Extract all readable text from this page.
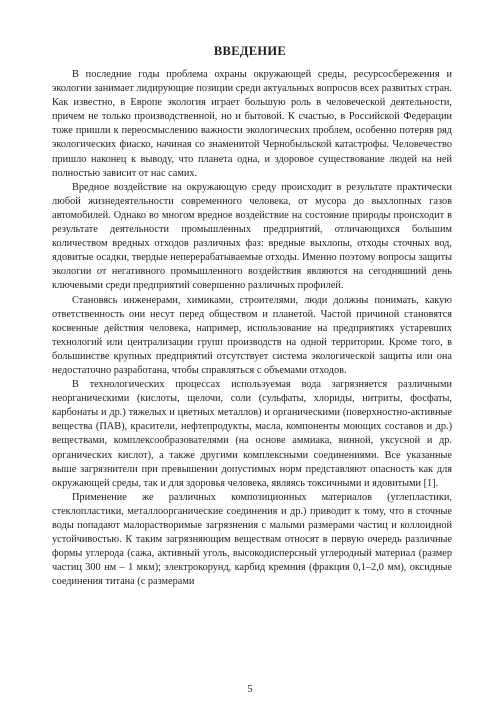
ВВЕДЕНИЕ

В последние годы проблема охраны окружающей среды, ресурсосбережения и экологии занимает лидирующие позиции среди актуальных вопросов всех развитых стран. Как известно, в Европе экология играет большую роль в человеческой деятельности, причем не только производственной, но и бытовой. К счастью, в Российской Федерации тоже пришли к переосмыслению важности экологических проблем, особенно потеряв ряд экологических фиаско, начиная со знаменитой Чернобыльской катастрофы. Человечество пришло наконец к выводу, что планета одна, и здоровое существование людей на ней полностью зависит от нас самих.

Вредное воздействие на окружающую среду происходит в результате практически любой жизнедеятельности современного человека, от мусора до выхлопных газов автомобилей. Однако во многом вредное воздействие на состояние природы происходит в результате деятельности промышленных предприятий, отличающихся большим количеством вредных отходов различных фаз: вредные выхлопы, отходы сточных вод, ядовитые осадки, твердые неперерабатываемые отходы. Именно поэтому вопросы защиты экологии от негативного промышленного воздействия являются на сегодняшний день ключевыми среди предприятий совершенно различных профилей.

Становясь инженерами, химиками, строителями, люди должны понимать, какую ответственность они несут перед обществом и планетой. Частой причиной становятся косвенные действия человека, например, использование на предприятиях устаревших технологий или централизации групп производств на одной территории. Кроме того, в большинстве крупных предприятий отсутствует система экологической защиты или она недостаточно разработана, чтобы справляться с объемами отходов.

В технологических процессах используемая вода загрязняется различными неорганическими (кислоты, щелочи, соли (сульфаты, хлориды, нитриты, фосфаты, карбонаты и др.) тяжелых и цветных металлов) и органическими (поверхностно-активные вещества (ПАВ), красители, нефтепродукты, масла, компоненты моющих составов и др.) веществами, комплексообразователями (на основе аммиака, винной, уксусной и др. органических кислот), а также другими комплексными соединениями. Все указанные выше загрязнители при превышении допустимых норм представляют опасность как для окружающей среды, так и для здоровья человека, являясь токсичными и ядовитыми [1].

Применение же различных композиционных материалов (углепластики, стеклопластики, металлоорганические соединения и др.) приводит к тому, что в сточные воды попадают малорастворимые загрязнения с малыми размерами частиц и коллоидной устойчивостью. К таким загрязняющим веществам относят в первую очередь различные формы углерода (сажа, активный уголь, высокодисперсный углеродный материал (размер частиц 300 нм – 1 мкм); электрокорунд, карбид кремния (фракция 0,1–2,0 мм), оксидные соединения титана (с размерами

5
